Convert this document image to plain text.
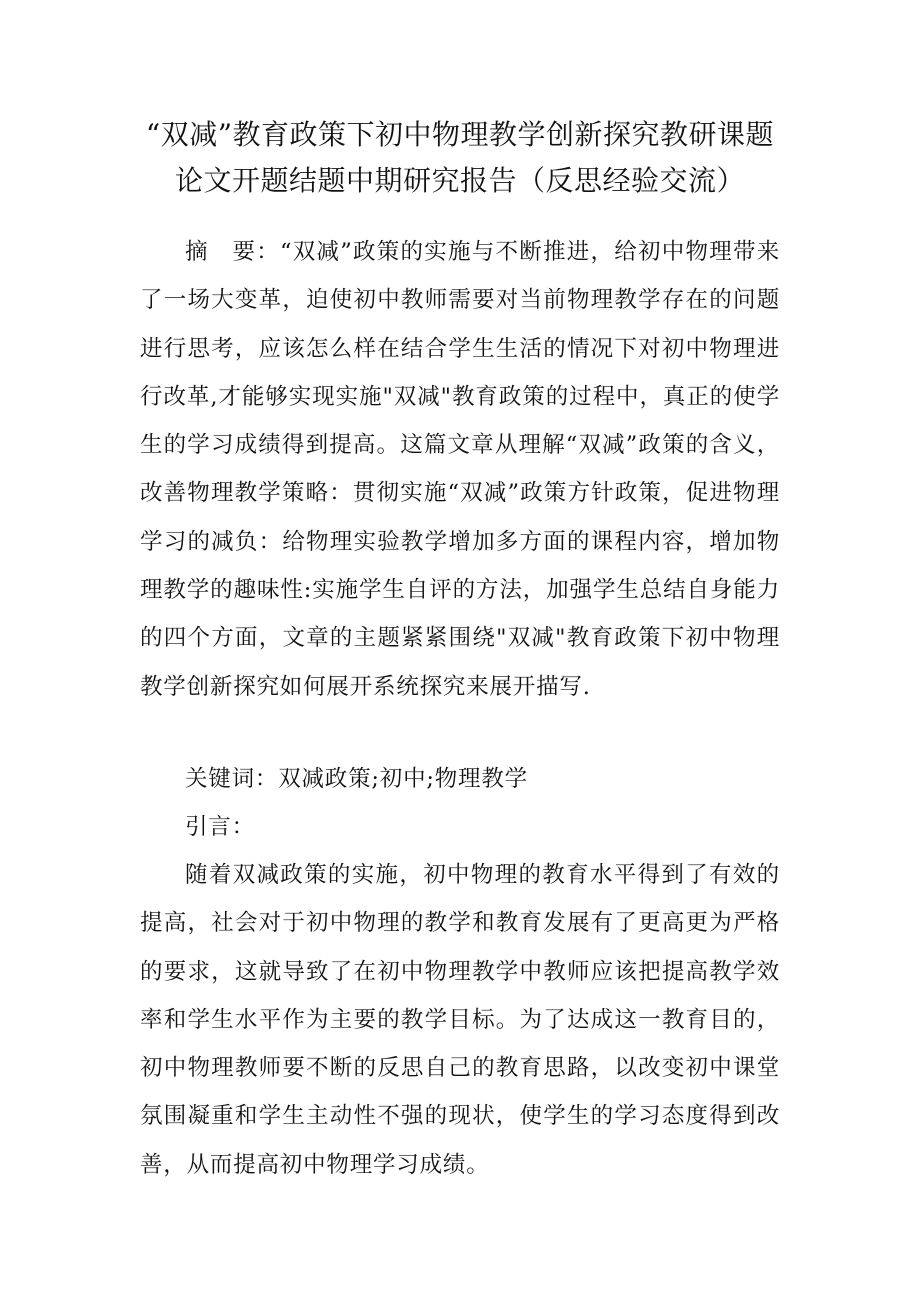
“双减”教育政策下初中物理教学创新探究教研课题
论文开题结题中期研究报告（反思经验交流）

摘　要：“双减”政策的实施与不断推进，给初中物理带来了一场大变革，迫使初中教师需要对当前物理教学存在的问题进行思考，应该怎么样在结合学生生活的情况下对初中物理进行改革,才能够实现实施"双减"教育政策的过程中，真正的使学生的学习成绩得到提高。这篇文章从理解“双减”政策的含义，改善物理教学策略：贯彻实施“双减”政策方针政策，促进物理学习的减负：给物理实验教学增加多方面的课程内容，增加物理教学的趣味性:实施学生自评的方法，加强学生总结自身能力的四个方面，文章的主题紧紧围绕"双减"教育政策下初中物理教学创新探究如何展开系统探究来展开描写.

关键词：双减政策;初中;物理教学

引言：

随着双减政策的实施，初中物理的教育水平得到了有效的提高，社会对于初中物理的教学和教育发展有了更高更为严格的要求，这就导致了在初中物理教学中教师应该把提高教学效率和学生水平作为主要的教学目标。为了达成这一教育目的，初中物理教师要不断的反思自己的教育思路，以改变初中课堂氛围凝重和学生主动性不强的现状，使学生的学习态度得到改善，从而提高初中物理学习成绩。
